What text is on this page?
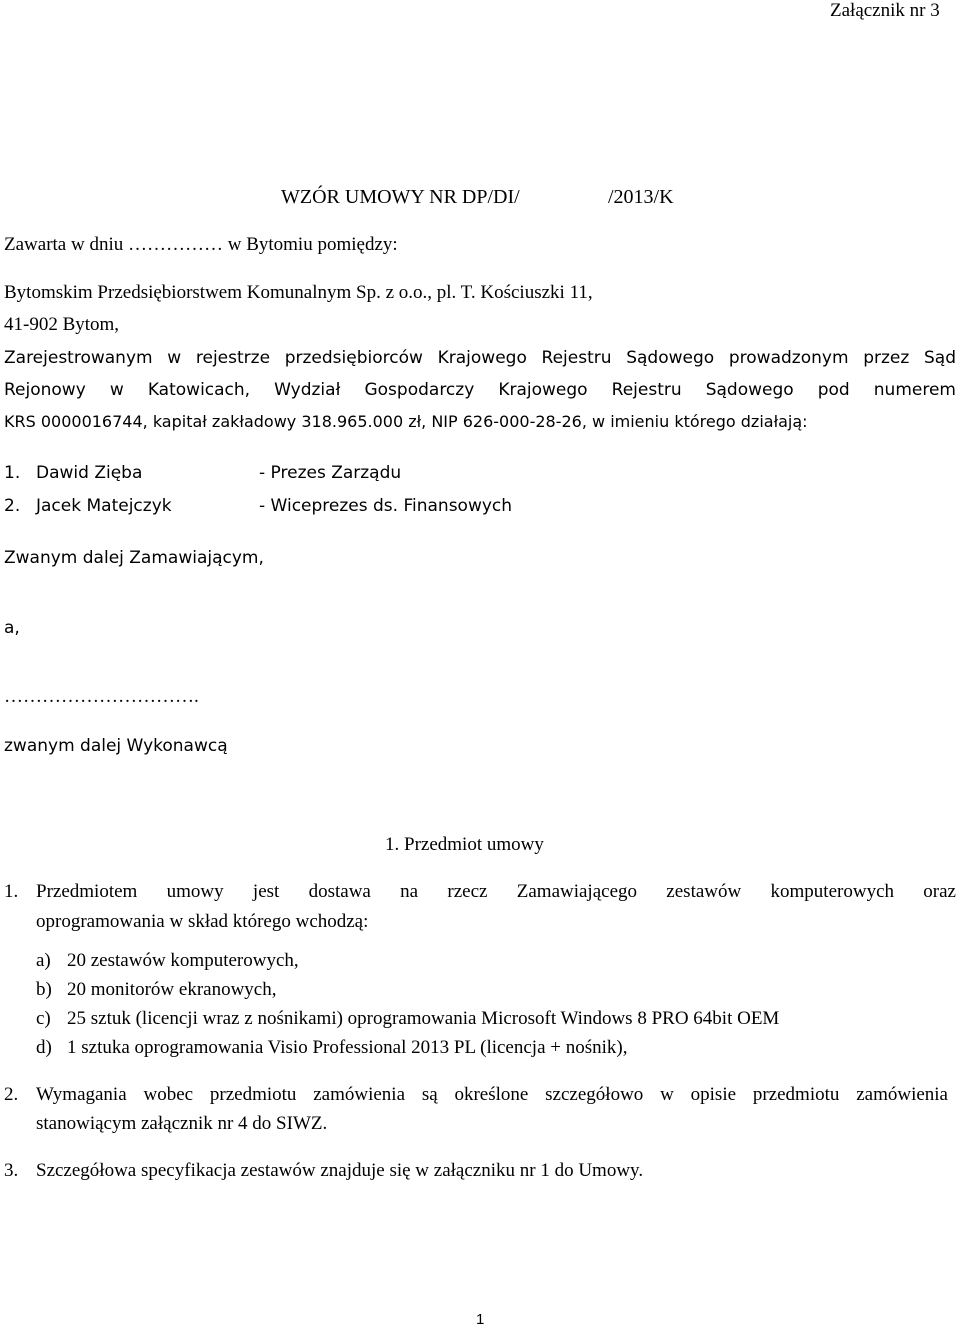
Załącznik nr 3
WZÓR UMOWY NR DP/DI/	/2013/K
Zawarta w dniu …………… w Bytomiu pomiędzy:
Bytomskim Przedsiębiorstwem Komunalnym Sp. z o.o., pl. T. Kościuszki 11,
41-902 Bytom,
Zarejestrowanym w rejestrze przedsiębiorców Krajowego Rejestru Sądowego prowadzonym przez Sąd
Rejonowy w Katowicach, Wydział Gospodarczy Krajowego Rejestru Sądowego pod numerem
KRS 0000016744, kapitał zakładowy 318.965.000 zł, NIP 626-000-28-26, w imieniu którego działają:
1. Dawid Zięba	- Prezes Zarządu
2. Jacek Matejczyk	- Wiceprezes ds. Finansowych
Zwanym dalej Zamawiającym,
a,
………………………….
zwanym dalej Wykonawcą
1. Przedmiot umowy
1. Przedmiotem umowy jest dostawa na rzecz Zamawiającego zestawów komputerowych oraz
oprogramowania w skład którego wchodzą:
a) 20 zestawów komputerowych,
b) 20 monitorów ekranowych,
c) 25 sztuk (licencji wraz z nośnikami) oprogramowania Microsoft Windows 8 PRO 64bit OEM
d) 1 sztuka oprogramowania Visio Professional 2013 PL (licencja + nośnik),
2. Wymagania wobec przedmiotu zamówienia są określone szczegółowo w opisie przedmiotu zamówienia
stanowiącym załącznik nr 4 do SIWZ.
3. Szczegółowa specyfikacja zestawów znajduje się w załączniku nr 1 do Umowy.
1
